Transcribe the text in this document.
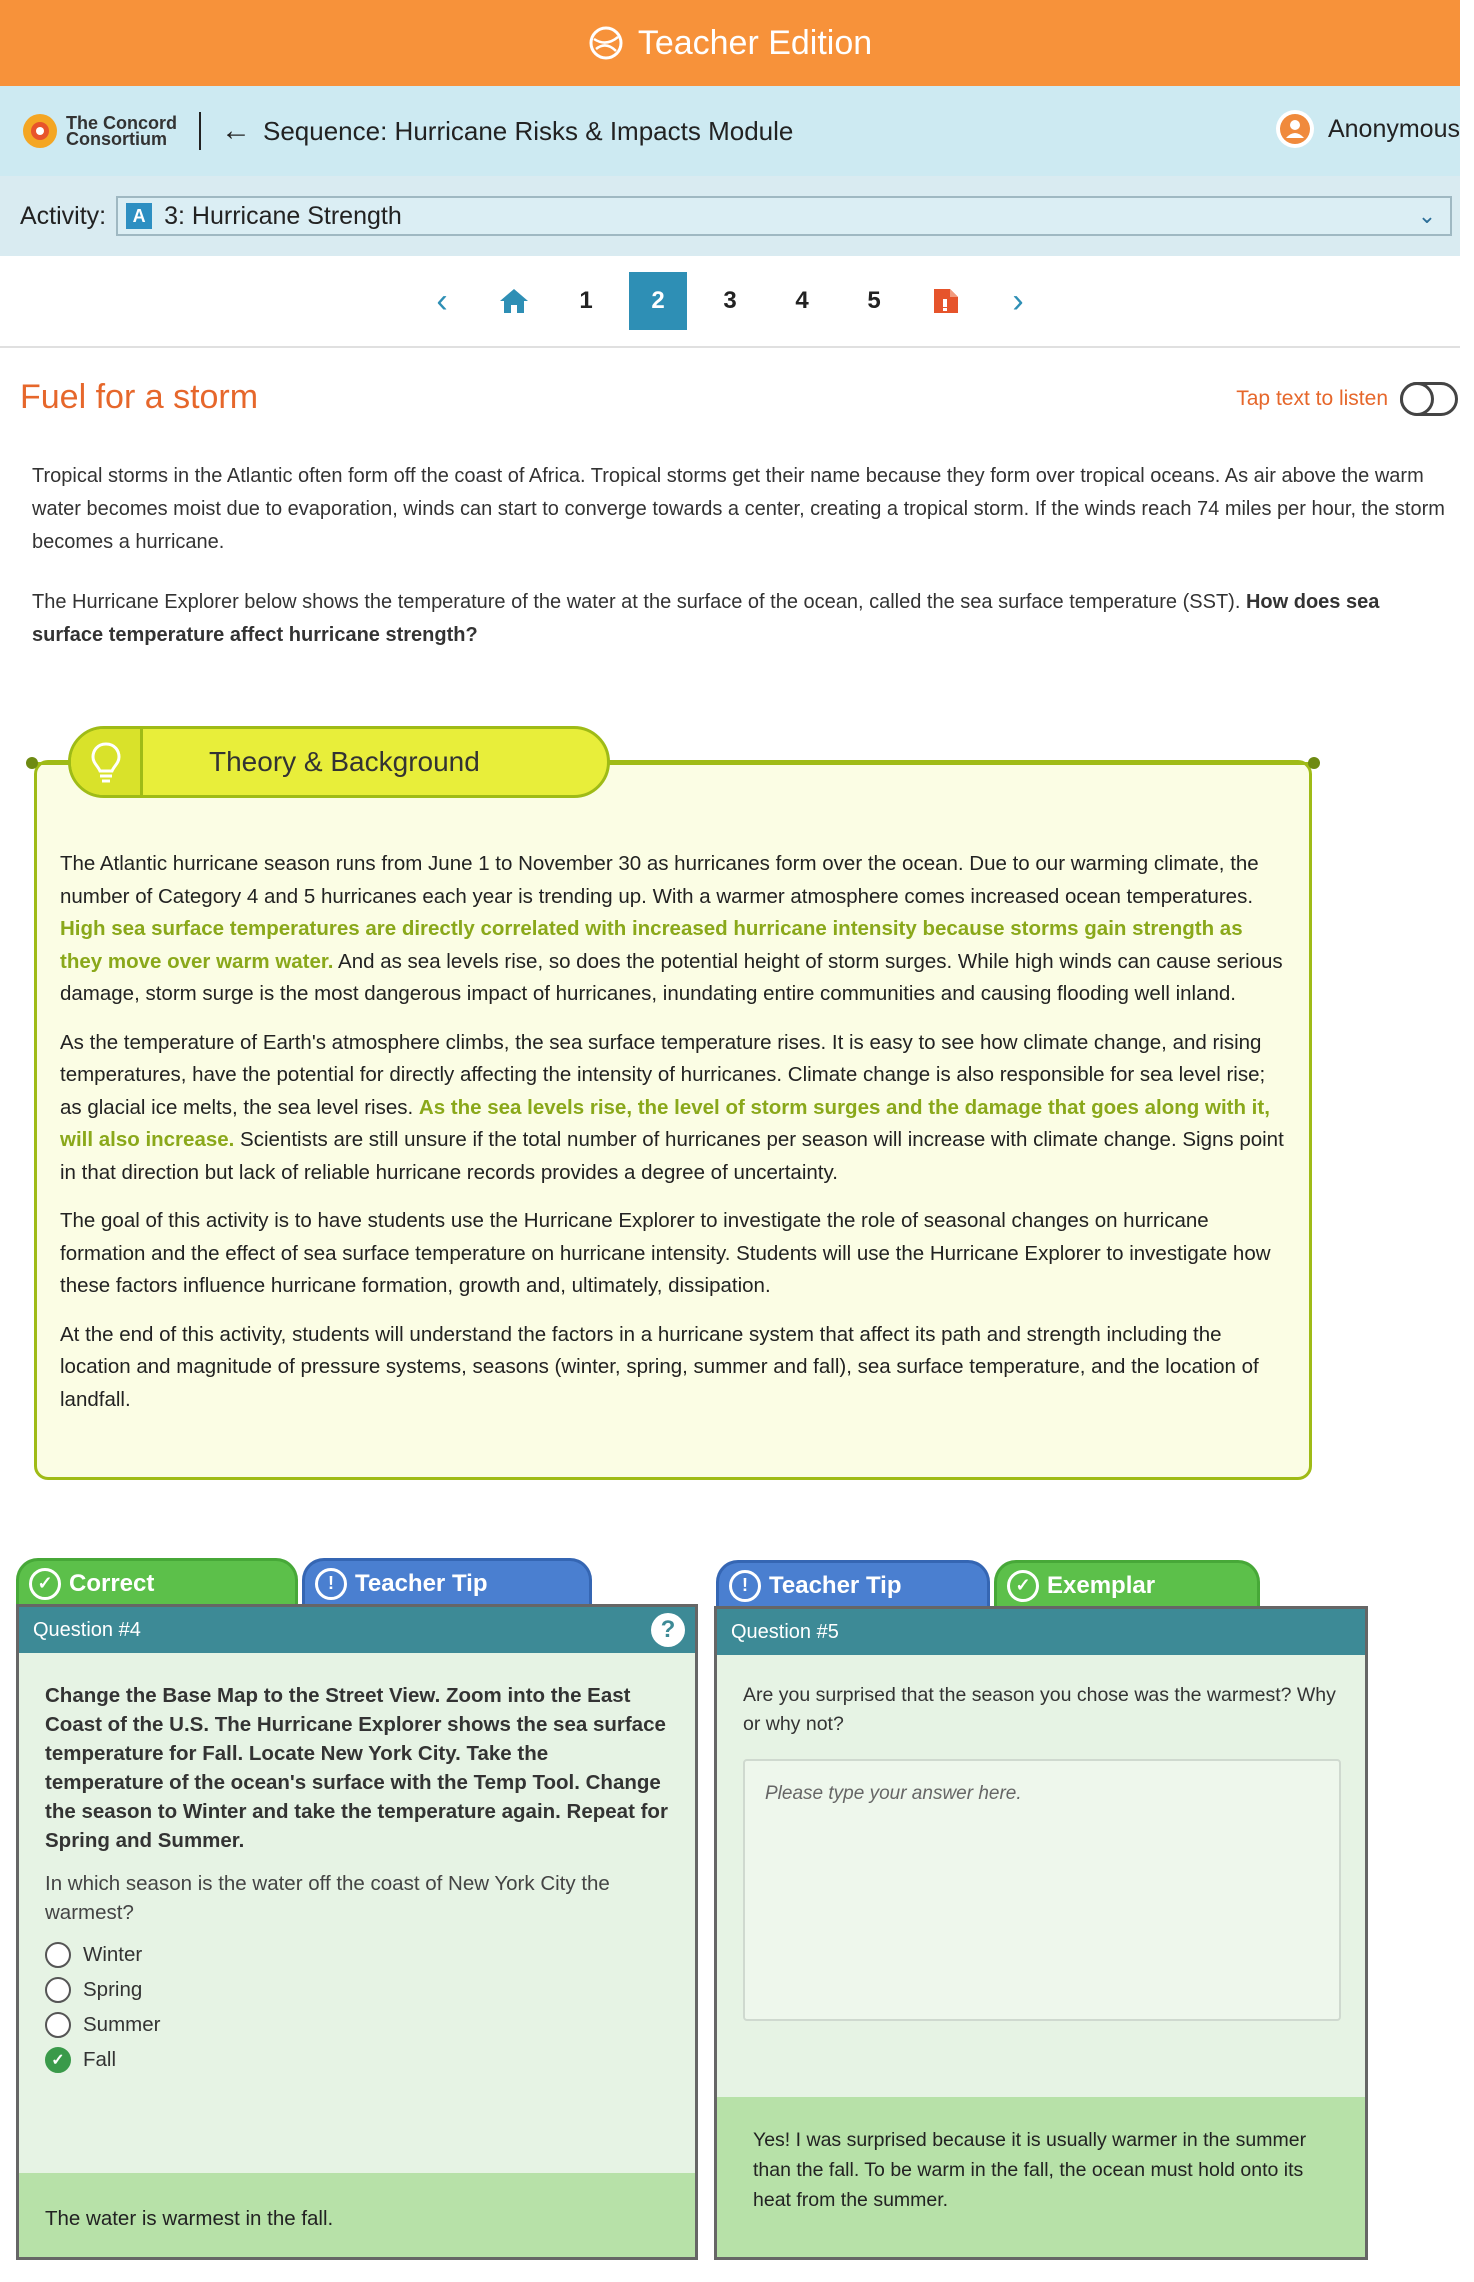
Teacher Edition
The Concord
Consortium	← Sequence: Hurricane Risks & Impacts Module	Anonymous
Activity:	A 3: Hurricane Strength	⌄
‹	1	2	3	4	5	›
Fuel for a storm	Tap text to listen
Tropical storms in the Atlantic often form off the coast of Africa. Tropical storms get their name because they form over tropical oceans. As air above the warm water becomes moist due to evaporation, winds can start to converge towards a center, creating a tropical storm. If the winds reach 74 miles per hour, the storm becomes a hurricane.
The Hurricane Explorer below shows the temperature of the water at the surface of the ocean, called the sea surface temperature (SST). How does sea surface temperature affect hurricane strength?
Theory & Background

The Atlantic hurricane season runs from June 1 to November 30 as hurricanes form over the ocean. Due to our warming climate, the number of Category 4 and 5 hurricanes each year is trending up. With a warmer atmosphere comes increased ocean temperatures. High sea surface temperatures are directly correlated with increased hurricane intensity because storms gain strength as they move over warm water. And as sea levels rise, so does the potential height of storm surges. While high winds can cause serious damage, storm surge is the most dangerous impact of hurricanes, inundating entire communities and causing flooding well inland.

As the temperature of Earth's atmosphere climbs, the sea surface temperature rises. It is easy to see how climate change, and rising temperatures, have the potential for directly affecting the intensity of hurricanes. Climate change is also responsible for sea level rise; as glacial ice melts, the sea level rises. As the sea levels rise, the level of storm surges and the damage that goes along with it, will also increase. Scientists are still unsure if the total number of hurricanes per season will increase with climate change. Signs point in that direction but lack of reliable hurricane records provides a degree of uncertainty.

The goal of this activity is to have students use the Hurricane Explorer to investigate the role of seasonal changes on hurricane formation and the effect of sea surface temperature on hurricane intensity. Students will use the Hurricane Explorer to investigate how these factors influence hurricane formation, growth and, ultimately, dissipation.

At the end of this activity, students will understand the factors in a hurricane system that affect its path and strength including the location and magnitude of pressure systems, seasons (winter, spring, summer and fall), sea surface temperature, and the location of landfall.

✓ Correct	! Teacher Tip
Question #4	?
Change the Base Map to the Street View. Zoom into the East Coast of the U.S. The Hurricane Explorer shows the sea surface temperature for Fall. Locate New York City. Take the temperature of the ocean's surface with the Temp Tool. Change the season to Winter and take the temperature again. Repeat for Spring and Summer.
In which season is the water off the coast of New York City the warmest?
Winter
Spring
Summer
✓ Fall
The water is warmest in the fall.
! Teacher Tip	✓ Exemplar
Question #5
Are you surprised that the season you chose was the warmest? Why or why not?
Please type your answer here.
Yes! I was surprised because it is usually warmer in the summer than the fall. To be warm in the fall, the ocean must hold onto its heat from the summer.
